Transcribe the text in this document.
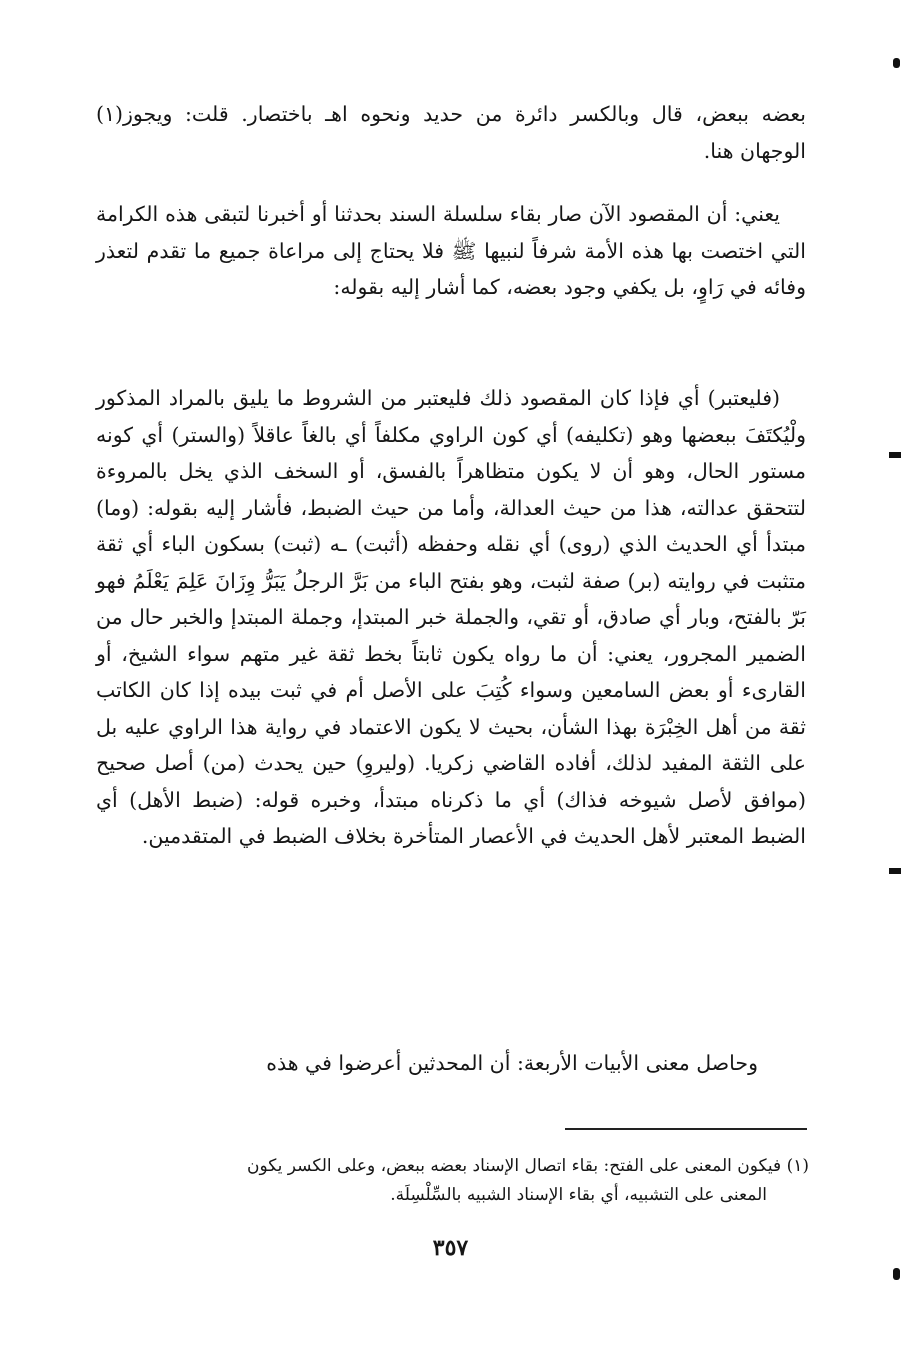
بعضه ببعض، قال وبالكسر دائرة من حديد ونحوه اهـ باختصار. قلت: ويجوز(١) الوجهان هنا.

يعني: أن المقصود الآن صار بقاء سلسلة السند بحدثنا أو أخبرنا لتبقى هذه الكرامة التي اختصت بها هذه الأمة شرفاً لنبيها ﷺ فلا يحتاج إلى مراعاة جميع ما تقدم لتعذر وفائه في رَاوٍ، بل يكفي وجود بعضه، كما أشار إليه بقوله:

(فليعتبر) أي فإذا كان المقصود ذلك فليعتبر من الشروط ما يليق بالمراد المذكور ولْيُكتَفَ ببعضها وهو (تكليفه) أي كون الراوي مكلفاً أي بالغاً عاقلاً (والستر) أي كونه مستور الحال، وهو أن لا يكون متظاهراً بالفسق، أو السخف الذي يخل بالمروءة لتتحقق عدالته، هذا من حيث العدالة، وأما من حيث الضبط، فأشار إليه بقوله: (وما) مبتدأ أي الحديث الذي (روى) أي نقله وحفظه (أثبت) ـه (ثبت) بسكون الباء أي ثقة متثبت في روايته (بر) صفة لثبت، وهو بفتح الباء من بَرَّ الرجلُ يَبَرُّ وِزَانَ عَلِمَ يَعْلَمُ فهو بَرّ بالفتح، وبار أي صادق، أو تقي، والجملة خبر المبتدإ، وجملة المبتدإ والخبر حال من الضمير المجرور، يعني: أن ما رواه يكون ثابتاً بخط ثقة غير متهم سواء الشيخ، أو القارىء أو بعض السامعين وسواء كُتِبَ على الأصل أم في ثبت بيده إذا كان الكاتب ثقة من أهل الخِبْرَة بهذا الشأن، بحيث لا يكون الاعتماد في رواية هذا الراوي عليه بل على الثقة المفيد لذلك، أفاده القاضي زكريا. (وليروِ) حين يحدث (من) أصل صحيح (موافق لأصل شيوخه فذاك) أي ما ذكرناه مبتدأ، وخبره قوله: (ضبط الأهل) أي الضبط المعتبر لأهل الحديث في الأعصار المتأخرة بخلاف الضبط في المتقدمين.

وحاصل معنى الأبيات الأربعة: أن المحدثين أعرضوا في هذه

(١) فيكون المعنى على الفتح: بقاء اتصال الإسناد بعضه ببعض، وعلى الكسر يكون

المعنى على التشبيه، أي بقاء الإسناد الشبيه بالسِّلْسِلَة.

٣٥٧
